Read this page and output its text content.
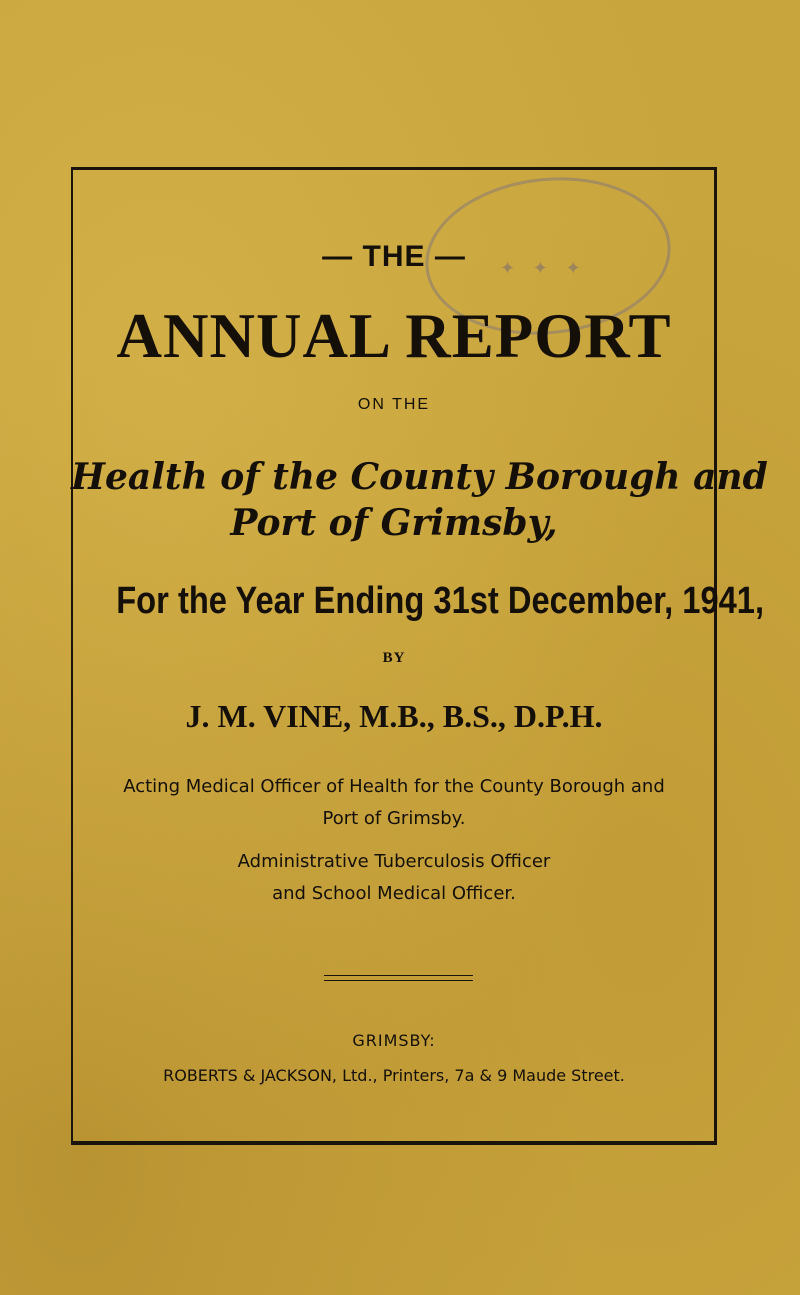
✦ ✦ ✦
— THE —
ANNUAL REPORT
ON THE
Health of the County Borough and
Port of Grimsby,
For the Year Ending 31st December, 1941,
BY
J. M. VINE, M.B., B.S., D.P.H.
Acting Medical Officer of Health for the County Borough and
Port of Grimsby.
Administrative Tuberculosis Officer
and School Medical Officer.
GRIMSBY:
ROBERTS & JACKSON, Ltd., Printers, 7a & 9 Maude Street.
